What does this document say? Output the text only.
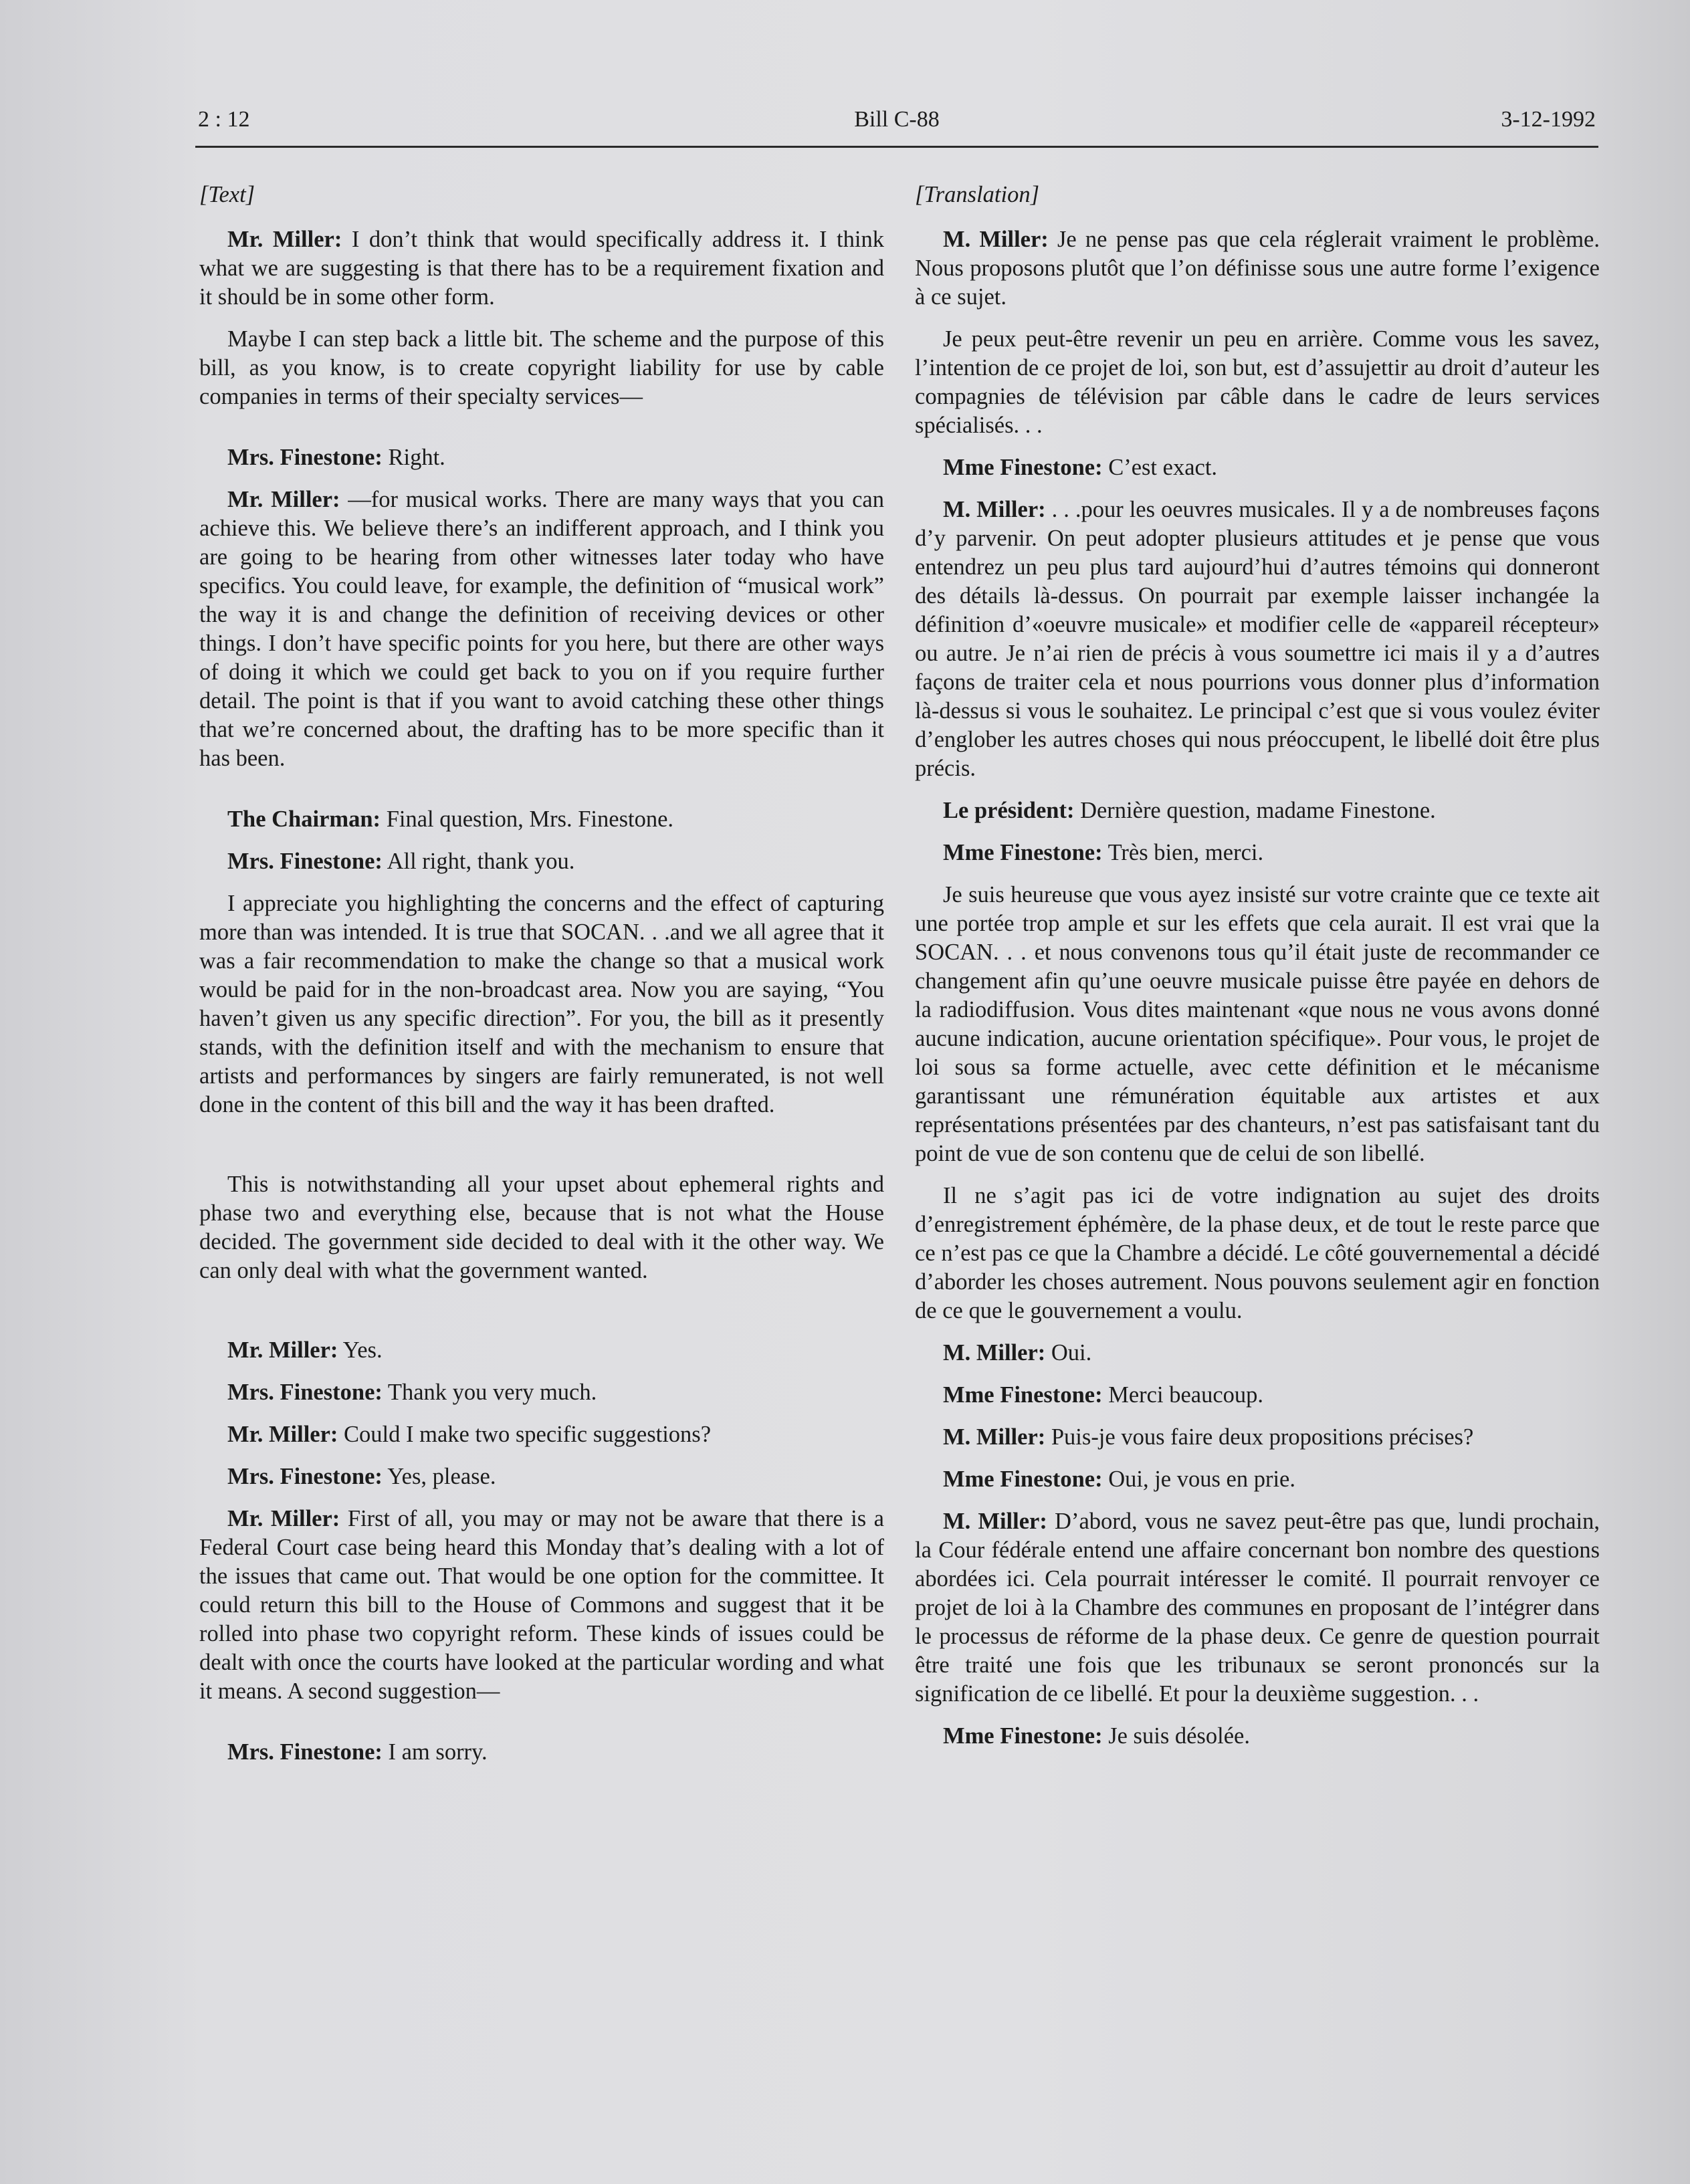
2 : 12	Bill C-88	3-12-1992

[Text]

Mr. Miller: I don’t think that would specifically address it. I think what we are suggesting is that there has to be a requirement fixation and it should be in some other form.

Maybe I can step back a little bit. The scheme and the purpose of this bill, as you know, is to create copyright liability for use by cable companies in terms of their specialty services—

Mrs. Finestone: Right.

Mr. Miller: —for musical works. There are many ways that you can achieve this. We believe there’s an indifferent approach, and I think you are going to be hearing from other witnesses later today who have specifics. You could leave, for example, the definition of “musical work” the way it is and change the definition of receiving devices or other things. I don’t have specific points for you here, but there are other ways of doing it which we could get back to you on if you require further detail. The point is that if you want to avoid catching these other things that we’re concerned about, the drafting has to be more specific than it has been.

The Chairman: Final question, Mrs. Finestone.

Mrs. Finestone: All right, thank you.

I appreciate you highlighting the concerns and the effect of capturing more than was intended. It is true that SOCAN. . .and we all agree that it was a fair recommendation to make the change so that a musical work would be paid for in the non-broadcast area. Now you are saying, “You haven’t given us any specific direction”. For you, the bill as it presently stands, with the definition itself and with the mechanism to ensure that artists and performances by singers are fairly remunerated, is not well done in the content of this bill and the way it has been drafted.

This is notwithstanding all your upset about ephemeral rights and phase two and everything else, because that is not what the House decided. The government side decided to deal with it the other way. We can only deal with what the government wanted.

Mr. Miller: Yes.

Mrs. Finestone: Thank you very much.

Mr. Miller: Could I make two specific suggestions?

Mrs. Finestone: Yes, please.

Mr. Miller: First of all, you may or may not be aware that there is a Federal Court case being heard this Monday that’s dealing with a lot of the issues that came out. That would be one option for the committee. It could return this bill to the House of Commons and suggest that it be rolled into phase two copyright reform. These kinds of issues could be dealt with once the courts have looked at the particular wording and what it means. A second suggestion—

Mrs. Finestone: I am sorry.

[Translation]

M. Miller: Je ne pense pas que cela réglerait vraiment le problème. Nous proposons plutôt que l’on définisse sous une autre forme l’exigence à ce sujet.

Je peux peut-être revenir un peu en arrière. Comme vous les savez, l’intention de ce projet de loi, son but, est d’assujettir au droit d’auteur les compagnies de télévision par câble dans le cadre de leurs services spécialisés. . .

Mme Finestone: C’est exact.

M. Miller: . . .pour les oeuvres musicales. Il y a de nombreuses façons d’y parvenir. On peut adopter plusieurs attitudes et je pense que vous entendrez un peu plus tard aujourd’hui d’autres témoins qui donneront des détails là-dessus. On pourrait par exemple laisser inchangée la définition d’«oeuvre musicale» et modifier celle de «appareil récepteur» ou autre. Je n’ai rien de précis à vous soumettre ici mais il y a d’autres façons de traiter cela et nous pourrions vous donner plus d’information là-dessus si vous le souhaitez. Le principal c’est que si vous voulez éviter d’englober les autres choses qui nous préoccupent, le libellé doit être plus précis.

Le président: Dernière question, madame Finestone.

Mme Finestone: Très bien, merci.

Je suis heureuse que vous ayez insisté sur votre crainte que ce texte ait une portée trop ample et sur les effets que cela aurait. Il est vrai que la SOCAN. . . et nous convenons tous qu’il était juste de recommander ce changement afin qu’une oeuvre musicale puisse être payée en dehors de la radiodiffusion. Vous dites maintenant «que nous ne vous avons donné aucune indication, aucune orientation spécifique». Pour vous, le projet de loi sous sa forme actuelle, avec cette définition et le mécanisme garantissant une rémunération équitable aux artistes et aux représentations présentées par des chanteurs, n’est pas satisfaisant tant du point de vue de son contenu que de celui de son libellé.

Il ne s’agit pas ici de votre indignation au sujet des droits d’enregistrement éphémère, de la phase deux, et de tout le reste parce que ce n’est pas ce que la Chambre a décidé. Le côté gouvernemental a décidé d’aborder les choses autrement. Nous pouvons seulement agir en fonction de ce que le gouvernement a voulu.

M. Miller: Oui.

Mme Finestone: Merci beaucoup.

M. Miller: Puis-je vous faire deux propositions précises?

Mme Finestone: Oui, je vous en prie.

M. Miller: D’abord, vous ne savez peut-être pas que, lundi prochain, la Cour fédérale entend une affaire concernant bon nombre des questions abordées ici. Cela pourrait intéresser le comité. Il pourrait renvoyer ce projet de loi à la Chambre des communes en proposant de l’intégrer dans le processus de réforme de la phase deux. Ce genre de question pourrait être traité une fois que les tribunaux se seront prononcés sur la signification de ce libellé. Et pour la deuxième suggestion. . .

Mme Finestone: Je suis désolée.
